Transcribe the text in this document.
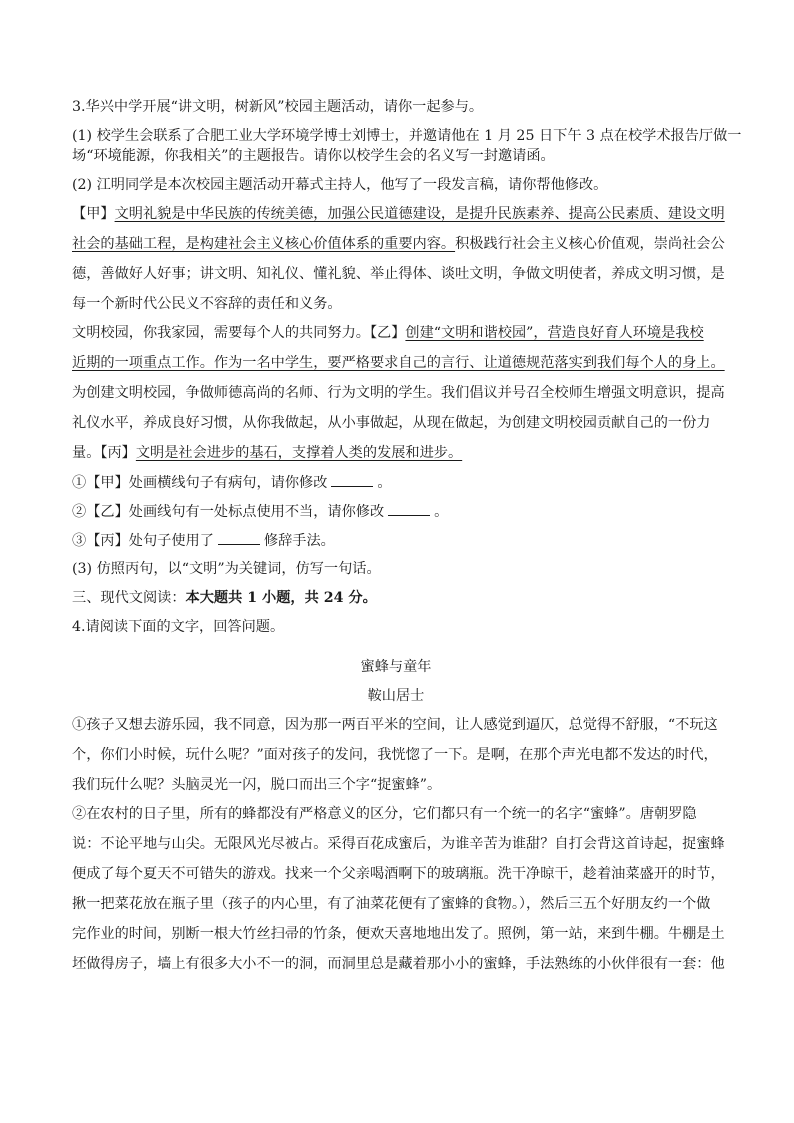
3.华兴中学开展“讲文明，树新风”校园主题活动，请你一起参与。

(1) 校学生会联系了合肥工业大学环境学博士刘博士，并邀请他在 1 月 25 日下午 3 点在校学术报告厅做一

场“环境能源，你我相关”的主题报告。请你以校学生会的名义写一封邀请函。

(2) 江明同学是本次校园主题活动开幕式主持人，他写了一段发言稿，请你帮他修改。

【甲】文明礼貌是中华民族的传统美德，加强公民道德建设，是提升民族素养、提高公民素质、建设文明

社会的基础工程，是构建社会主义核心价值体系的重要内容。积极践行社会主义核心价值观，崇尚社会公

德，善做好人好事；讲文明、知礼仪、懂礼貌、举止得体、谈吐文明，争做文明使者，养成文明习惯，是

每一个新时代公民义不容辞的责任和义务。

文明校园，你我家园，需要每个人的共同努力。【乙】创建“文明和谐校园”，营造良好育人环境是我校

近期的一项重点工作。作为一名中学生，要严格要求自己的言行、让道德规范落实到我们每个人的身上。

为创建文明校园，争做师德高尚的名师、行为文明的学生。我们倡议并号召全校师生增强文明意识，提高

礼仪水平，养成良好习惯，从你我做起，从小事做起，从现在做起，为创建文明校园贡献自己的一份力

量。【丙】文明是社会进步的基石，支撑着人类的发展和进步。

①【甲】处画横线句子有病句，请你修改	。

②【乙】处画线句有一处标点使用不当，请你修改	。

③【丙】处句子使用了	修辞手法。

(3) 仿照丙句，以“文明”为关键词，仿写一句话。

三、现代文阅读：本大题共 1 小题，共 24 分。

4.请阅读下面的文字，回答问题。

蜜蜂与童年

鞍山居士

①孩子又想去游乐园，我不同意，因为那一两百平米的空间，让人感觉到逼仄，总觉得不舒服，“不玩这

个，你们小时候，玩什么呢？”面对孩子的发问，我恍惚了一下。是啊，在那个声光电都不发达的时代，

我们玩什么呢？头脑灵光一闪，脱口而出三个字“捉蜜蜂”。

②在农村的日子里，所有的蜂都没有严格意义的区分，它们都只有一个统一的名字“蜜蜂”。唐朝罗隐

说：不论平地与山尖。无限风光尽被占。采得百花成蜜后，为谁辛苦为谁甜？自打会背这首诗起，捉蜜蜂

便成了每个夏天不可错失的游戏。找来一个父亲喝酒啊下的玻璃瓶。洗干净晾干，趁着油菜盛开的时节，

揪一把菜花放在瓶子里（孩子的内心里，有了油菜花便有了蜜蜂的食物。），然后三五个好朋友约一个做

完作业的时间，别断一根大竹丝扫帚的竹条，便欢天喜地地出发了。照例，第一站，来到牛棚。牛棚是土

坯做得房子，墙上有很多大小不一的洞，而洞里总是藏着那小小的蜜蜂，手法熟练的小伙伴很有一套：他
